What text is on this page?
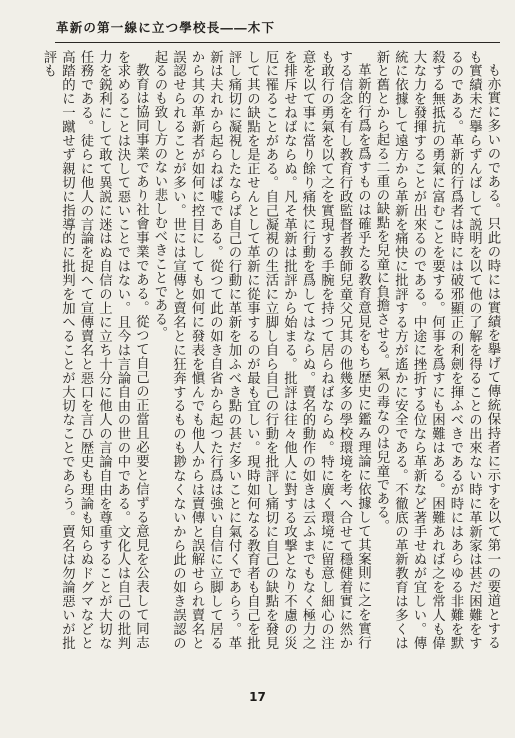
革新の第一線に立つ學校長――木下

も亦實に多いのである。只此の時には實績を擧げて傳統保持者に示すを以て第一の要道とするも實績未だ擧らずんばして説明を以て他の了解を得ることの出來ない時に革新家は甚だ困難をするのである。革新的行爲者は時には破邪顯正の利劍を揮ふべきであるが時にはあらゆる非難を默殺する無抵抗の勇氣に富むことを要する。何事を爲すにも困難はある。困難あれば之を常人も偉大な力を發揮することが出來るのである。中途に挫折する位なら革新など著手せぬが宜しい。傳統に依據して遠方から革新を痛快に批評する方が遙かに安全である。不徹底の革新教育は多くは新と舊とから起る二重の缺點を兒童に負擔させる。氣の毒なのは兒童である。

革新的行爲を爲すものは確乎たる教育意見をもち歴史に鑑み理論に依據して其案則に之を實行する信念を有し教育行政監督者教師兒童父兄其の他幾多の學校環境を考へ合せて穩健着實に然かも敢行の勇氣を以て之を實現する手腕を持つて居らねばならぬ。特に廣く環境に留意し細心の注意を以て事に當り餘り痛快に行動を爲してはならぬ。賣名的動作の如きは云ふまでもなく極力之を排斥せねばならぬ。凡そ革新は批評から始まる。批評は往々他人に對する攻撃となり不慮の災厄に罹ることがある。自己凝視の生活に立脚し自ら自己の行動を批評し痛切に自己の缺點を發見して其の缺點を是正せんとして革新に從事するのが最も宜しい。現時如何なる教育者も自己を批評し痛切に凝視したならば自己の行動に革新を加ふべき點の甚だ多いことに氣付くであらう。革新は夫れから起らねば嘘である。從つて此の如き自省から起つた行爲は強い自信に立脚して居るから其の革新者が如何に控目にしても如何に發表を愼んでも他人からは賣傳と誤解せられ賣名と誤認せられることが多い。世には宣傳と賣名とに狂奔するものも尠なくないから此の如き誤認の起るのも致し方のない悲しむべきことである。

教育は協同事業であり社會事業である。從つて自己の正當且必要と信ずる意見を公表して同志を求めることは決して惡いことではない。且今は言論自由の世の中である。文化人は自己の批判力を鋭利にして敢て異説に迷はぬ自信の上に立ち十分に他人の言論自由を尊重することが大切な任務である。徒らに他人の言論を捉へて宣傳賣名と惡口を言ひ歴史も理論も知らぬドグマなどと高踏的に一蹴せず親切に指導的に批判を加へることが大切なことであらう。賣名は勿論惡いが批評も

17
